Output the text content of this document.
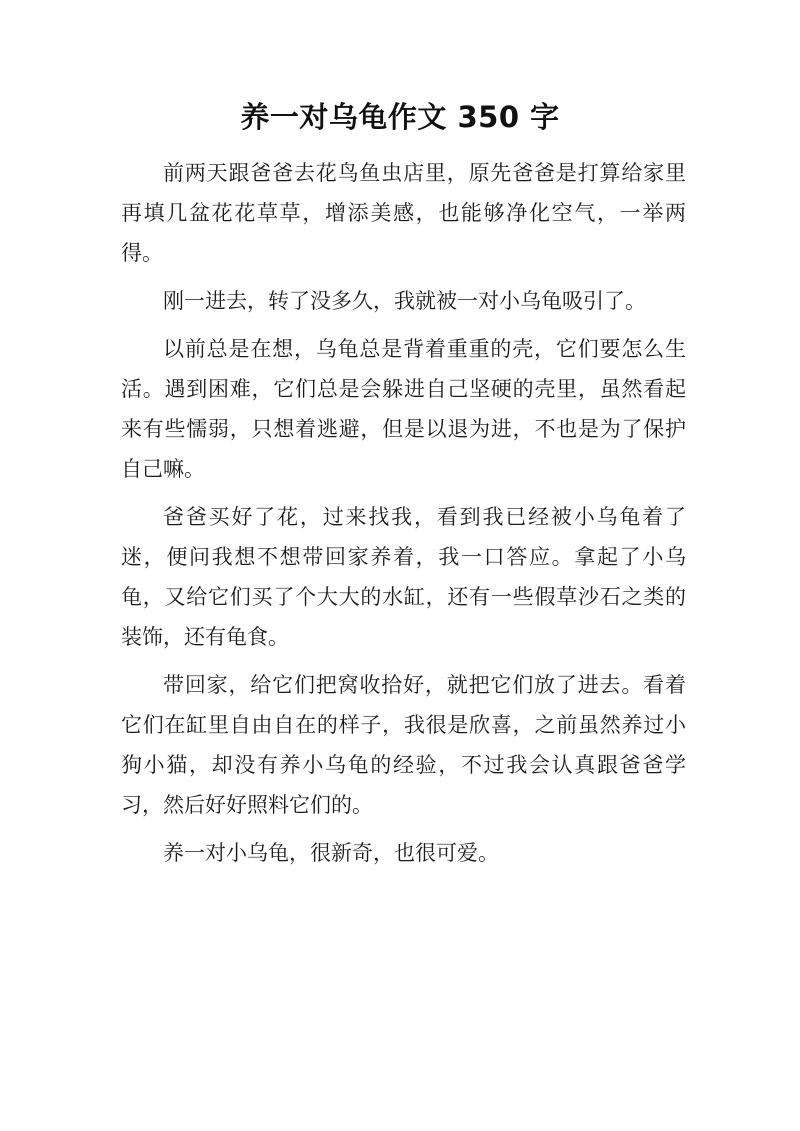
养一对乌龟作文 350 字

前两天跟爸爸去花鸟鱼虫店里，原先爸爸是打算给家里再填几盆花花草草，增添美感，也能够净化空气，一举两得。

刚一进去，转了没多久，我就被一对小乌龟吸引了。

以前总是在想，乌龟总是背着重重的壳，它们要怎么生活。遇到困难，它们总是会躲进自己坚硬的壳里，虽然看起来有些懦弱，只想着逃避，但是以退为进，不也是为了保护自己嘛。

爸爸买好了花，过来找我，看到我已经被小乌龟着了迷，便问我想不想带回家养着，我一口答应。拿起了小乌龟，又给它们买了个大大的水缸，还有一些假草沙石之类的装饰，还有龟食。

带回家，给它们把窝收拾好，就把它们放了进去。看着它们在缸里自由自在的样子，我很是欣喜，之前虽然养过小狗小猫，却没有养小乌龟的经验，不过我会认真跟爸爸学习，然后好好照料它们的。

养一对小乌龟，很新奇，也很可爱。
